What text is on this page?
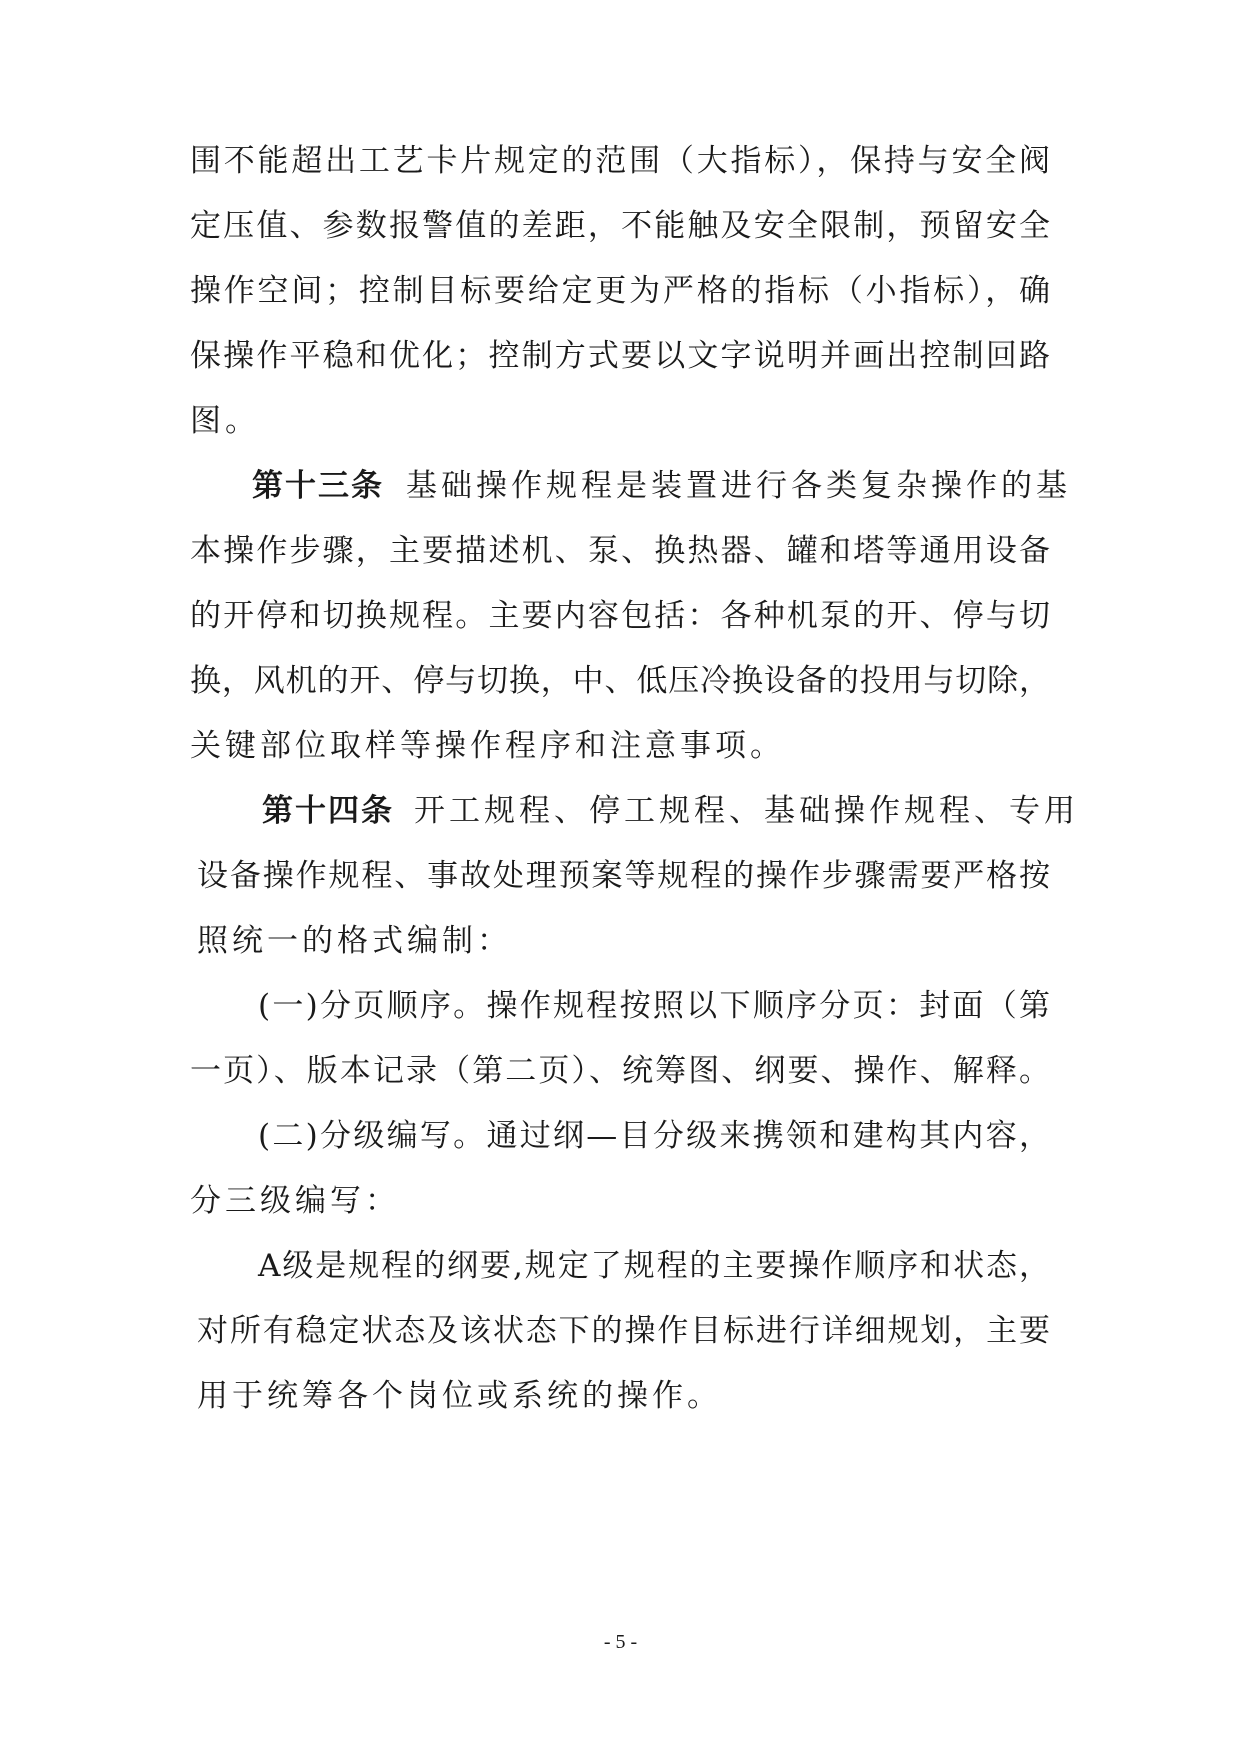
围不能超出工艺卡片规定的范围（大指标），保持与安全阀
定压值、参数报警值的差距，不能触及安全限制，预留安全
操作空间；控制目标要给定更为严格的指标（小指标），确
保操作平稳和优化；控制方式要以文字说明并画出控制回路
图。
第十三条 基础操作规程是装置进行各类复杂操作的基
本操作步骤，主要描述机、泵、换热器、罐和塔等通用设备
的开停和切换规程。主要内容包括：各种机泵的开、停与切
换，风机的开、停与切换，中、低压冷换设备的投用与切除，
关键部位取样等操作程序和注意事项。
第十四条 开工规程、停工规程、基础操作规程、专用
设备操作规程、事故处理预案等规程的操作步骤需要严格按
照统一的格式编制：
(一)分页顺序。操作规程按照以下顺序分页：封面（第
一页）、版本记录（第二页）、统筹图、纲要、操作、解释。
(二)分级编写。通过纲—目分级来携领和建构其内容，
分三级编写：
A级是规程的纲要,规定了规程的主要操作顺序和状态，
对所有稳定状态及该状态下的操作目标进行详细规划，主要
用于统筹各个岗位或系统的操作。
- 5 -
